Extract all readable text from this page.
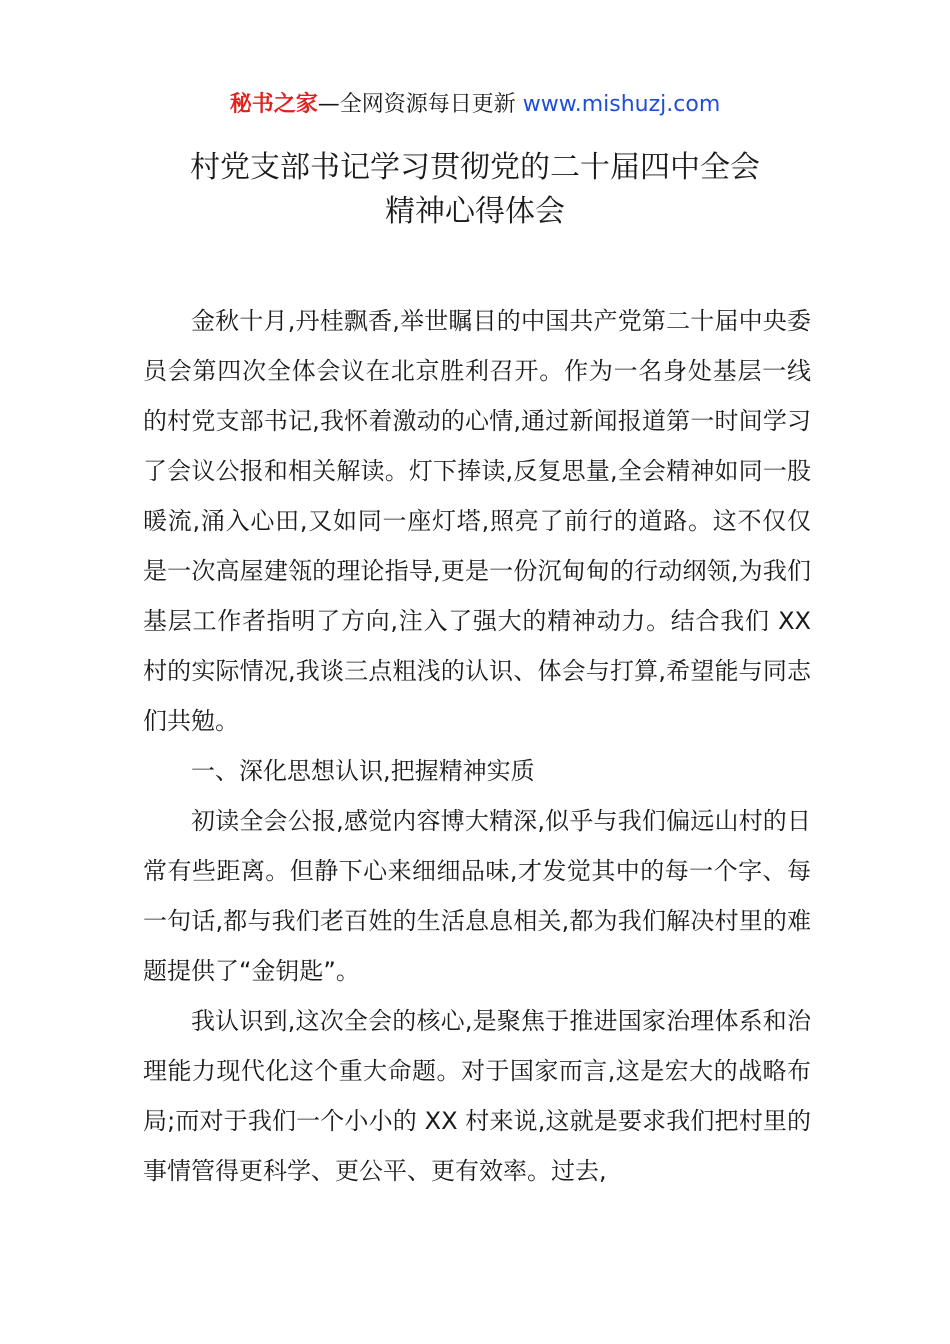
秘书之家—全网资源每日更新 www.mishuzj.com
村党支部书记学习贯彻党的二十届四中全会
精神心得体会

金秋十月,丹桂飘香,举世瞩目的中国共产党第二十届中央委员会第四次全体会议在北京胜利召开。作为一名身处基层一线的村党支部书记,我怀着激动的心情,通过新闻报道第一时间学习了会议公报和相关解读。灯下捧读,反复思量,全会精神如同一股暖流,涌入心田,又如同一座灯塔,照亮了前行的道路。这不仅仅是一次高屋建瓴的理论指导,更是一份沉甸甸的行动纲领,为我们基层工作者指明了方向,注入了强大的精神动力。结合我们 XX 村的实际情况,我谈三点粗浅的认识、体会与打算,希望能与同志们共勉。

一、深化思想认识,把握精神实质

初读全会公报,感觉内容博大精深,似乎与我们偏远山村的日常有些距离。但静下心来细细品味,才发觉其中的每一个字、每一句话,都与我们老百姓的生活息息相关,都为我们解决村里的难题提供了“金钥匙”。

我认识到,这次全会的核心,是聚焦于推进国家治理体系和治理能力现代化这个重大命题。对于国家而言,这是宏大的战略布局;而对于我们一个小小的 XX 村来说,这就是要求我们把村里的事情管得更科学、更公平、更有效率。过去,
